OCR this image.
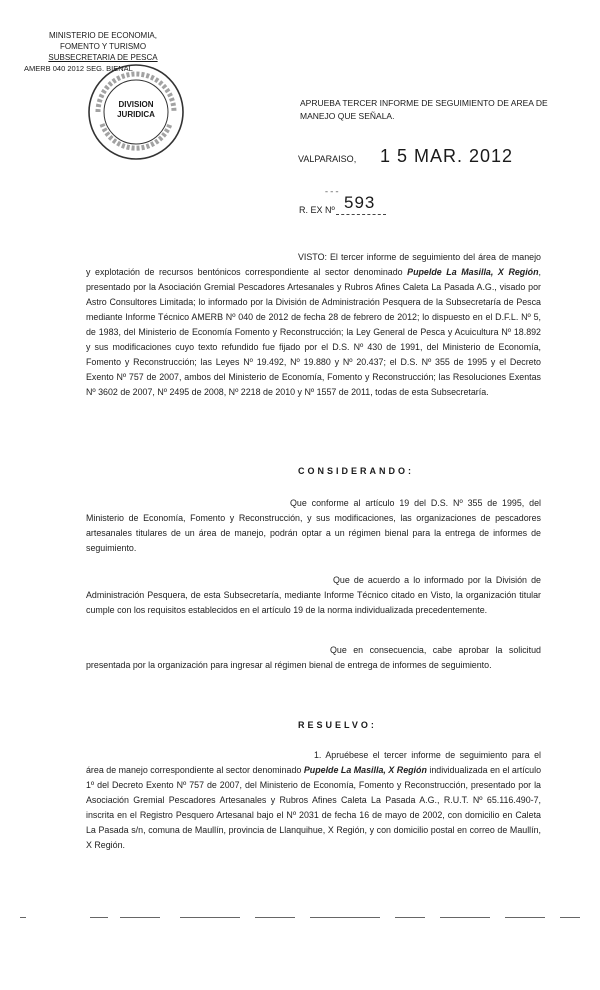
MINISTERIO DE ECONOMIA,
FOMENTO Y TURISMO
SUBSECRETARIA DE PESCA
AMERB 040 2012 SEG. BIENAL
DIVISION
JURIDICA
APRUEBA TERCER INFORME DE SEGUIMIENTO DE AREA DE MANEJO QUE SEÑALA.
VALPARAISO, 1 5 MAR. 2012
- - -
R. EX Nº 593
VISTO: El tercer informe de seguimiento del área de manejo y explotación de recursos bentónicos correspondiente al sector denominado Pupelde La Masilla, X Región, presentado por la Asociación Gremial Pescadores Artesanales y Rubros Afines Caleta La Pasada A.G., visado por Astro Consultores Limitada; lo informado por la División de Administración Pesquera de la Subsecretaría de Pesca mediante Informe Técnico AMERB Nº 040 de 2012 de fecha 28 de febrero de 2012; lo dispuesto en el D.F.L. Nº 5, de 1983, del Ministerio de Economía Fomento y Reconstrucción; la Ley General de Pesca y Acuicultura Nº 18.892 y sus modificaciones cuyo texto refundido fue fijado por el D.S. Nº 430 de 1991, del Ministerio de Economía, Fomento y Reconstrucción; las Leyes Nº 19.492, Nº 19.880 y Nº 20.437; el D.S. Nº 355 de 1995 y el Decreto Exento Nº 757 de 2007, ambos del Ministerio de Economía, Fomento y Reconstrucción; las Resoluciones Exentas Nº 3602 de 2007, Nº 2495 de 2008, Nº 2218 de 2010 y Nº 1557 de 2011, todas de esta Subsecretaría.
CONSIDERANDO:
Que conforme al artículo 19 del D.S. Nº 355 de 1995, del Ministerio de Economía, Fomento y Reconstrucción, y sus modificaciones, las organizaciones de pescadores artesanales titulares de un área de manejo, podrán optar a un régimen bienal para la entrega de informes de seguimiento.
Que de acuerdo a lo informado por la División de Administración Pesquera, de esta Subsecretaría, mediante Informe Técnico citado en Visto, la organización titular cumple con los requisitos establecidos en el artículo 19 de la norma individualizada precedentemente.
Que en consecuencia, cabe aprobar la solicitud presentada por la organización para ingresar al régimen bienal de entrega de informes de seguimiento.
RESUELVO:
1. Apruébese el tercer informe de seguimiento para el área de manejo correspondiente al sector denominado Pupelde La Masilla, X Región individualizada en el artículo 1º del Decreto Exento Nº 757 de 2007, del Ministerio de Economía, Fomento y Reconstrucción, presentado por la Asociación Gremial Pescadores Artesanales y Rubros Afines Caleta La Pasada A.G., R.U.T. Nº 65.116.490-7, inscrita en el Registro Pesquero Artesanal bajo el Nº 2031 de fecha 16 de mayo de 2002, con domicilio en Caleta La Pasada s/n, comuna de Maullín, provincia de Llanquihue, X Región, y con domicilio postal en correo de Maullín, X Región.
